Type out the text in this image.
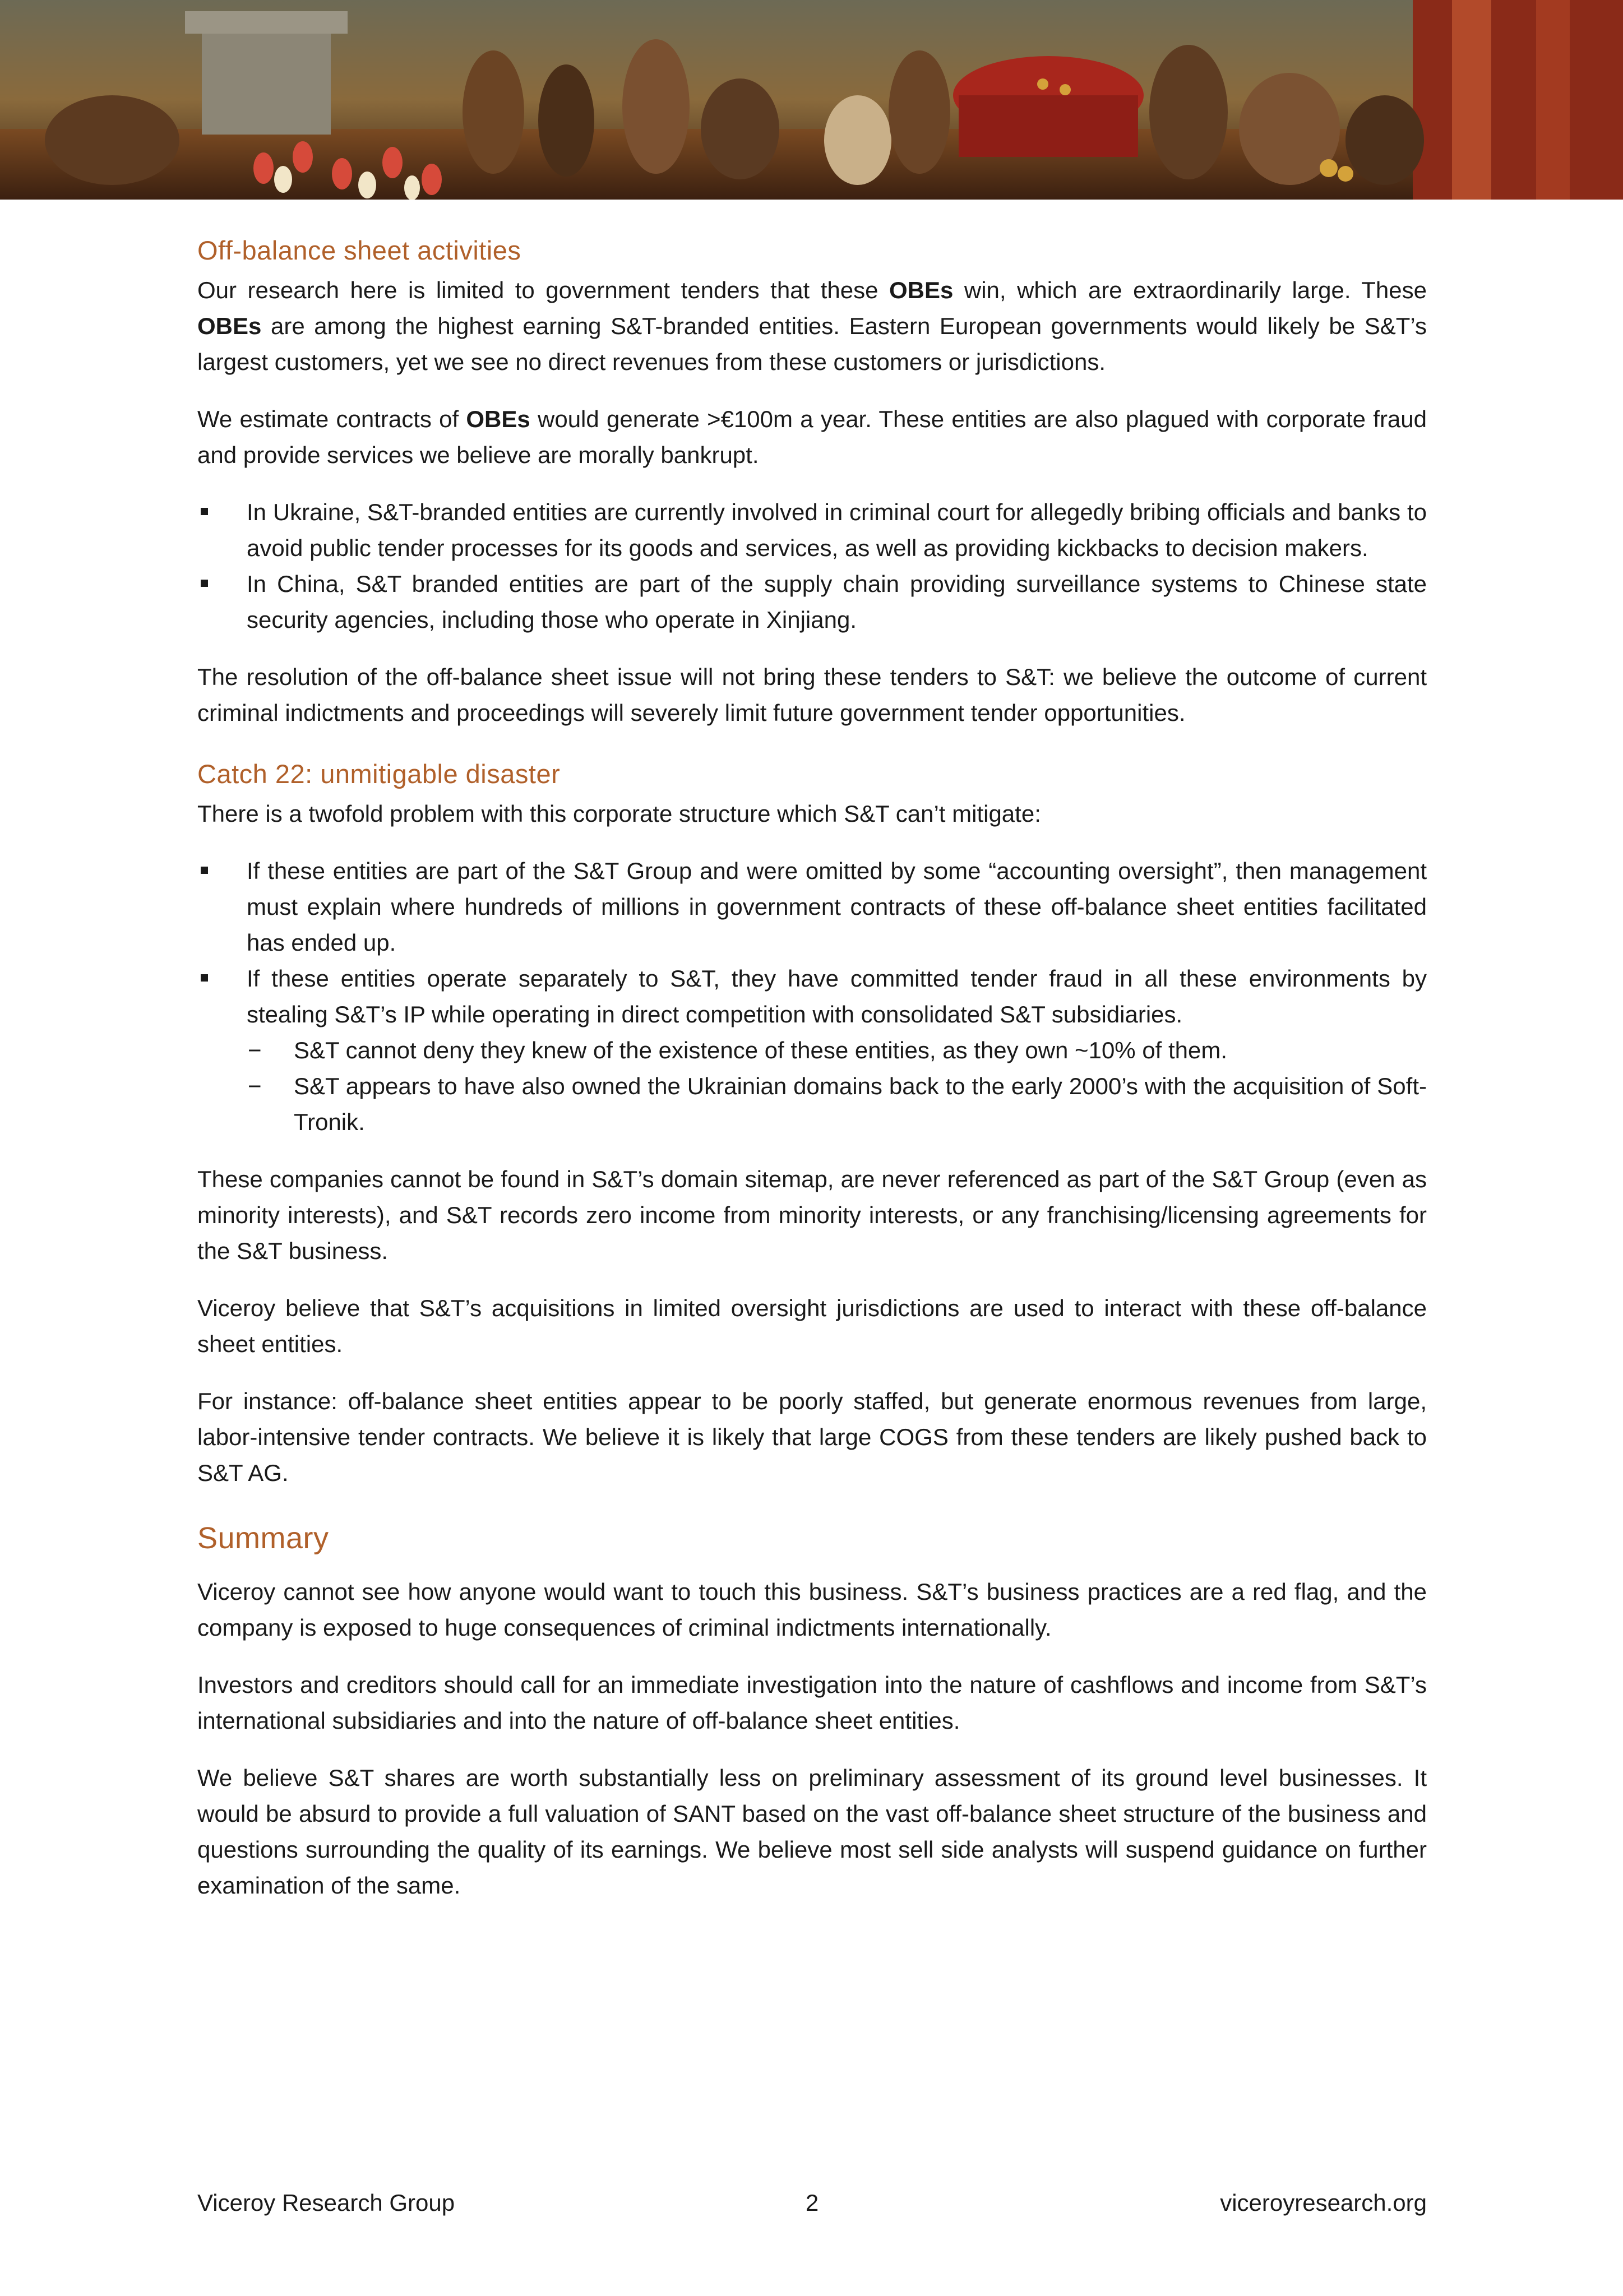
Off-balance sheet activities

Our research here is limited to government tenders that these OBEs win, which are extraordinarily large. These OBEs are among the highest earning S&T-branded entities. Eastern European governments would likely be S&T’s largest customers, yet we see no direct revenues from these customers or jurisdictions.

We estimate contracts of OBEs would generate >€100m a year. These entities are also plagued with corporate fraud and provide services we believe are morally bankrupt.

In Ukraine, S&T-branded entities are currently involved in criminal court for allegedly bribing officials and banks to avoid public tender processes for its goods and services, as well as providing kickbacks to decision makers.
In China, S&T branded entities are part of the supply chain providing surveillance systems to Chinese state security agencies, including those who operate in Xinjiang.

The resolution of the off-balance sheet issue will not bring these tenders to S&T: we believe the outcome of current criminal indictments and proceedings will severely limit future government tender opportunities.

Catch 22: unmitigable disaster

There is a twofold problem with this corporate structure which S&T can’t mitigate:

If these entities are part of the S&T Group and were omitted by some “accounting oversight”, then management must explain where hundreds of millions in government contracts of these off-balance sheet entities facilitated has ended up.
If these entities operate separately to S&T, they have committed tender fraud in all these environments by stealing S&T’s IP while operating in direct competition with consolidated S&T subsidiaries.
− S&T cannot deny they knew of the existence of these entities, as they own ~10% of them.
− S&T appears to have also owned the Ukrainian domains back to the early 2000’s with the acquisition of Soft-Tronik.

These companies cannot be found in S&T’s domain sitemap, are never referenced as part of the S&T Group (even as minority interests), and S&T records zero income from minority interests, or any franchising/licensing agreements for the S&T business.

Viceroy believe that S&T’s acquisitions in limited oversight jurisdictions are used to interact with these off-balance sheet entities.

For instance: off-balance sheet entities appear to be poorly staffed, but generate enormous revenues from large, labor-intensive tender contracts. We believe it is likely that large COGS from these tenders are likely pushed back to S&T AG.

Summary

Viceroy cannot see how anyone would want to touch this business. S&T’s business practices are a red flag, and the company is exposed to huge consequences of criminal indictments internationally.

Investors and creditors should call for an immediate investigation into the nature of cashflows and income from S&T’s international subsidiaries and into the nature of off-balance sheet entities.

We believe S&T shares are worth substantially less on preliminary assessment of its ground level businesses. It would be absurd to provide a full valuation of SANT based on the vast off-balance sheet structure of the business and questions surrounding the quality of its earnings. We believe most sell side analysts will suspend guidance on further examination of the same.

Viceroy Research Group	2	viceroyresearch.org
